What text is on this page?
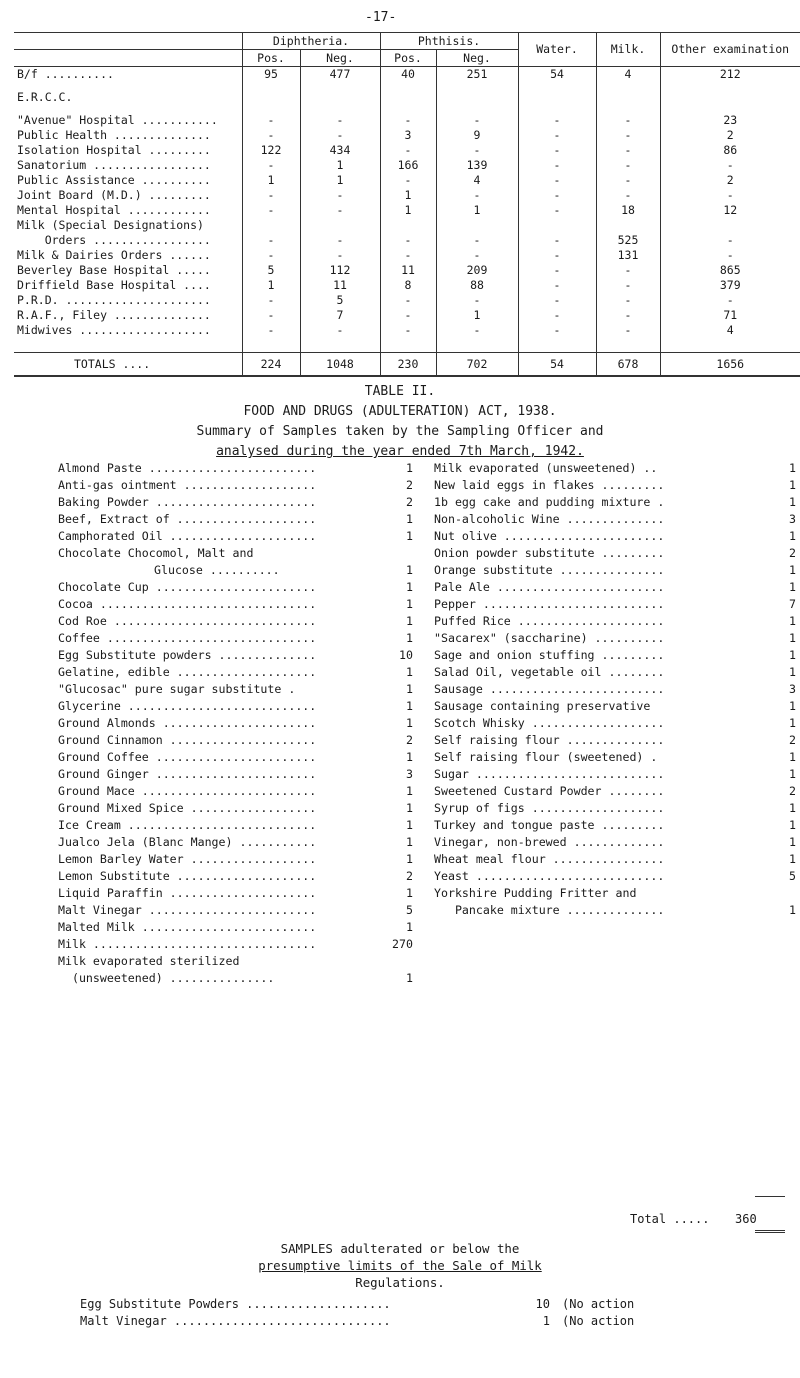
-17-
	Diphtheria.		Phthisis.		Water.	Milk.	Other examination
	Pos.	Neg.	Pos.	Neg.			
B/f ..........	95	477	40	251	54	4	212

E.R.C.C.							

"Avenue" Hospital ...........	-	-	-	-	-	-	23
Public Health ..............	-	-	3	9	-	-	2
Isolation Hospital .........	122	434	-	-	-	-	86
Sanatorium .................	-	1	166	139	-	-	-
Public Assistance ..........	1	1	-	4	-	-	2
Joint Board (M.D.) .........	-	-	1	-	-	-	-
Mental Hospital ............	-	-	1	1	-	18	12
Milk (Special Designations)							
Orders .................	-	-	-	-	-	525	-
Milk & Dairies Orders ......	-	-	-	-	-	131	-
Beverley Base Hospital .....	5	112	11	209	-	-	865
Driffield Base Hospital ....	1	11	8	88	-	-	379
P.R.D. .....................	-	5	-	-	-	-	-
R.A.F., Filey ..............	-	7	-	1	-	-	71
Midwives ...................	-	-	-	-	-	-	4

TOTALS ....	224	1048	230	702	54	678	1656
TABLE II.
FOOD AND DRUGS (ADULTERATION) ACT, 1938.
Summary of Samples taken by the Sampling Officer and
analysed during the year ended 7th March, 1942.
Almond Paste ........................	1
Anti-gas ointment ...................	2
Baking Powder .......................	2
Beef, Extract of ....................	1
Camphorated Oil .....................	1
Chocolate Chocomol, Malt and
Glucose ..........	1
Chocolate Cup .......................	1
Cocoa ...............................	1
Cod Roe .............................	1
Coffee ..............................	1
Egg Substitute powders ..............	10
Gelatine, edible ....................	1
"Glucosac" pure sugar substitute .	1
Glycerine ...........................	1
Ground Almonds ......................	1
Ground Cinnamon .....................	2
Ground Coffee .......................	1
Ground Ginger .......................	3
Ground Mace .........................	1
Ground Mixed Spice ..................	1
Ice Cream ...........................	1
Jualco Jela (Blanc Mange) ...........	1
Lemon Barley Water ..................	1
Lemon Substitute ....................	2
Liquid Paraffin .....................	1
Malt Vinegar ........................	5
Malted Milk .........................	1
Milk ................................	270
Milk evaporated sterilized
(unsweetened) ...............	1
Milk evaporated (unsweetened) ..	1
New laid eggs in flakes .........	1
1b egg cake and pudding mixture .	1
Non-alcoholic Wine ..............	3
Nut olive .......................	1
Onion powder substitute .........	2
Orange substitute ...............	1
Pale Ale ........................	1
Pepper ..........................	7
Puffed Rice .....................	1
"Sacarex" (saccharine) ..........	1
Sage and onion stuffing .........	1
Salad Oil, vegetable oil ........	1
Sausage .........................	3
Sausage containing preservative	1
Scotch Whisky ...................	1
Self raising flour ..............	2
Self raising flour (sweetened) .	1
Sugar ...........................	1
Sweetened Custard Powder ........	2
Syrup of figs ...................	1
Turkey and tongue paste .........	1
Vinegar, non-brewed .............	1
Wheat meal flour ................	1
Yeast ...........................	5
Yorkshire Pudding Fritter and
Pancake mixture ..............	1
Total ..... 360
SAMPLES adulterated or below the
presumptive limits of the Sale of Milk
Regulations.
Egg Substitute Powders ....................	10 (No action
Malt Vinegar ..............................	1 (No action
